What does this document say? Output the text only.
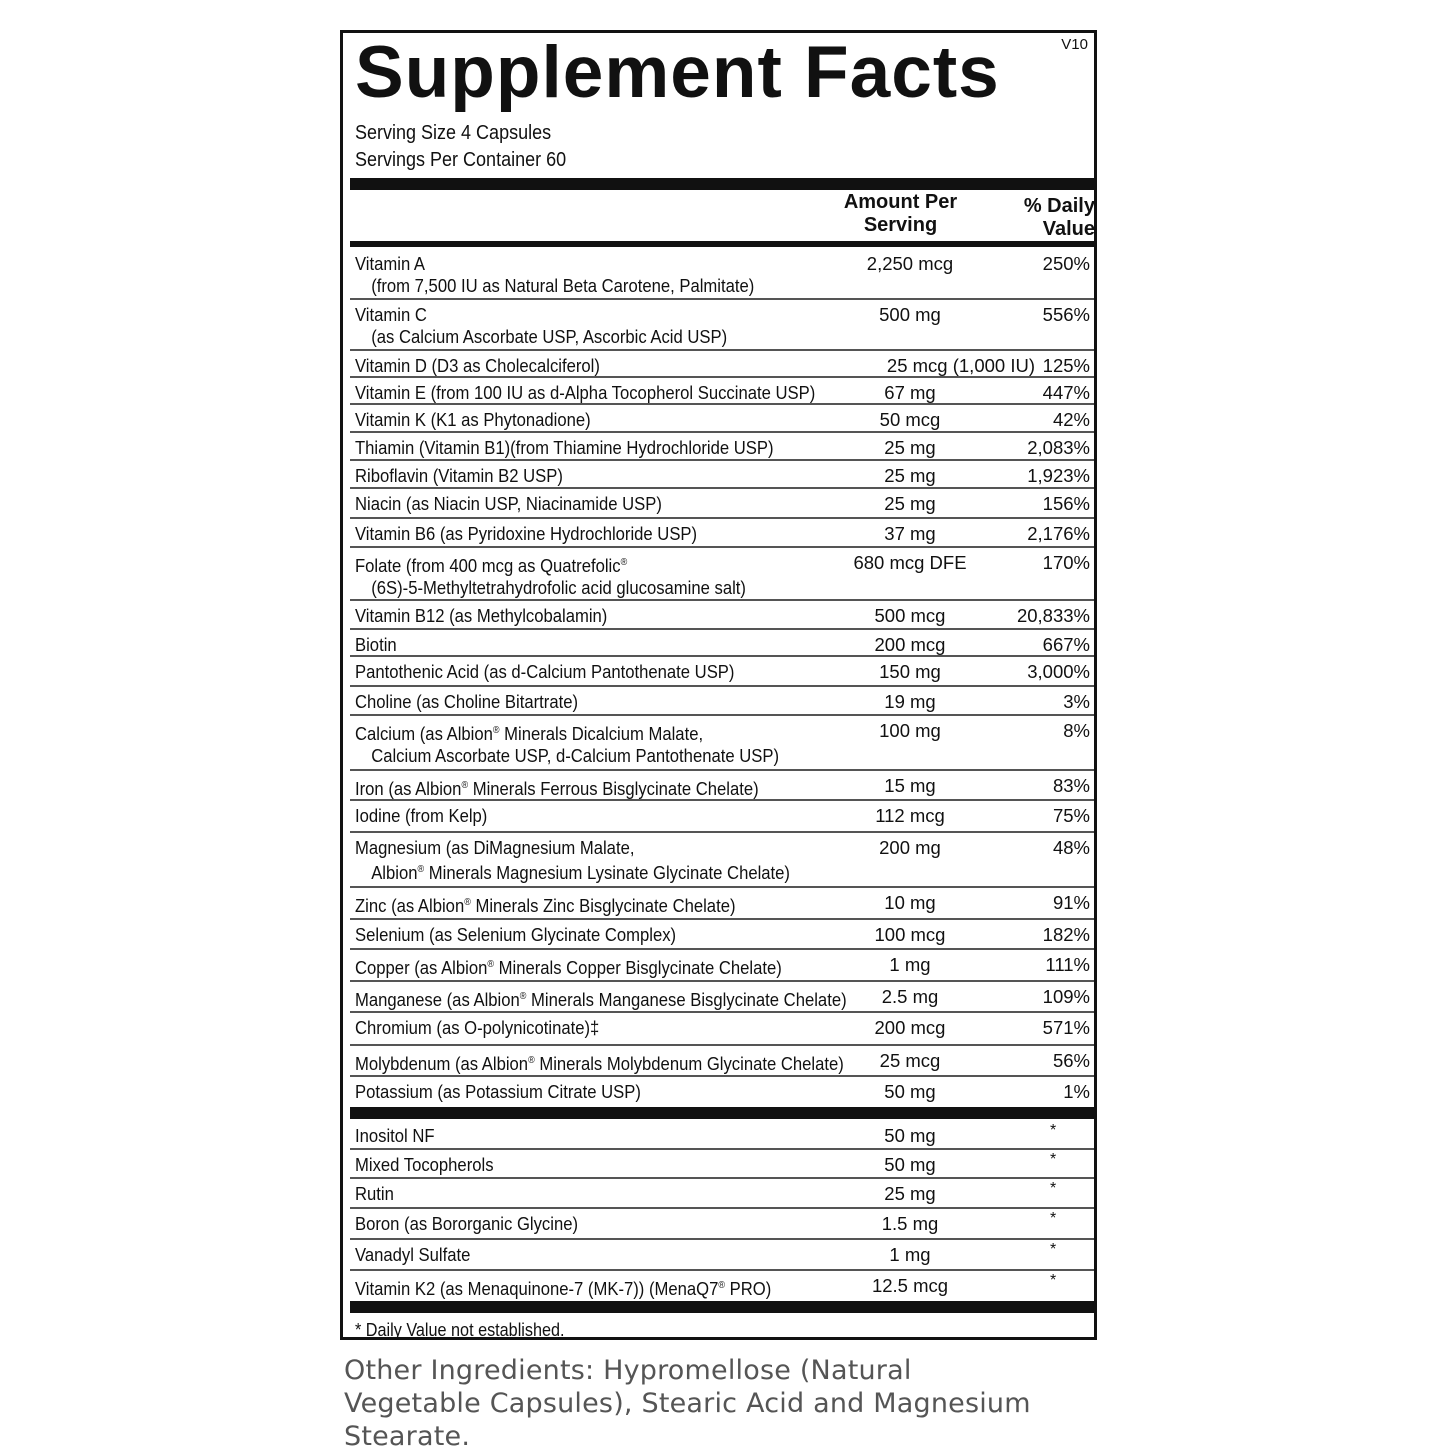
Supplement Facts	V10
Serving Size 4 Capsules
Servings Per Container 60
Amount Per Serving
% Daily Value
Vitamin A
(from 7,500 IU as Natural Beta Carotene, Palmitate)
2,250 mcg	250%
Vitamin C
(as Calcium Ascorbate USP, Ascorbic Acid USP)
500 mg	556%
Vitamin D (D3 as Cholecalciferol)	25 mcg (1,000 IU) 125%
Vitamin E (from 100 IU as d-Alpha Tocopherol Succinate USP)	67 mg	447%
Vitamin K (K1 as Phytonadione)	50 mcg	42%
Thiamin (Vitamin B1)(from Thiamine Hydrochloride USP)	25 mg	2,083%
Riboflavin (Vitamin B2 USP)	25 mg	1,923%
Niacin (as Niacin USP, Niacinamide USP)	25 mg	156%
Vitamin B6 (as Pyridoxine Hydrochloride USP)	37 mg	2,176%
Folate (from 400 mcg as Quatrefolic®
(6S)-5-Methyltetrahydrofolic acid glucosamine salt)
680 mcg DFE	170%
Vitamin B12 (as Methylcobalamin)	500 mcg	20,833%
Biotin	200 mcg	667%
Pantothenic Acid (as d-Calcium Pantothenate USP)	150 mg	3,000%
Choline (as Choline Bitartrate)	19 mg	3%
Calcium (as Albion® Minerals Dicalcium Malate,
Calcium Ascorbate USP, d-Calcium Pantothenate USP)
100 mg	8%
Iron (as Albion® Minerals Ferrous Bisglycinate Chelate)	15 mg	83%
Iodine (from Kelp)	112 mcg	75%
Magnesium (as DiMagnesium Malate,
Albion® Minerals Magnesium Lysinate Glycinate Chelate)
200 mg	48%
Zinc (as Albion® Minerals Zinc Bisglycinate Chelate)	10 mg	91%
Selenium (as Selenium Glycinate Complex)	100 mcg	182%
Copper (as Albion® Minerals Copper Bisglycinate Chelate)	1 mg	111%
Manganese (as Albion® Minerals Manganese Bisglycinate Chelate)	2.5 mg	109%
Chromium (as O-polynicotinate)‡	200 mcg	571%
Molybdenum (as Albion® Minerals Molybdenum Glycinate Chelate)	25 mcg	56%
Potassium (as Potassium Citrate USP)	50 mg	1%
Inositol NF	50 mg	*
Mixed Tocopherols	50 mg	*
Rutin	25 mg	*
Boron (as Bororganic Glycine)	1.5 mg	*
Vanadyl Sulfate	1 mg	*
Vitamin K2 (as Menaquinone-7 (MK-7)) (MenaQ7® PRO)	12.5 mcg	*
* Daily Value not established.
Other Ingredients: Hypromellose (Natural Vegetable Capsules), Stearic Acid and Magnesium Stearate.
